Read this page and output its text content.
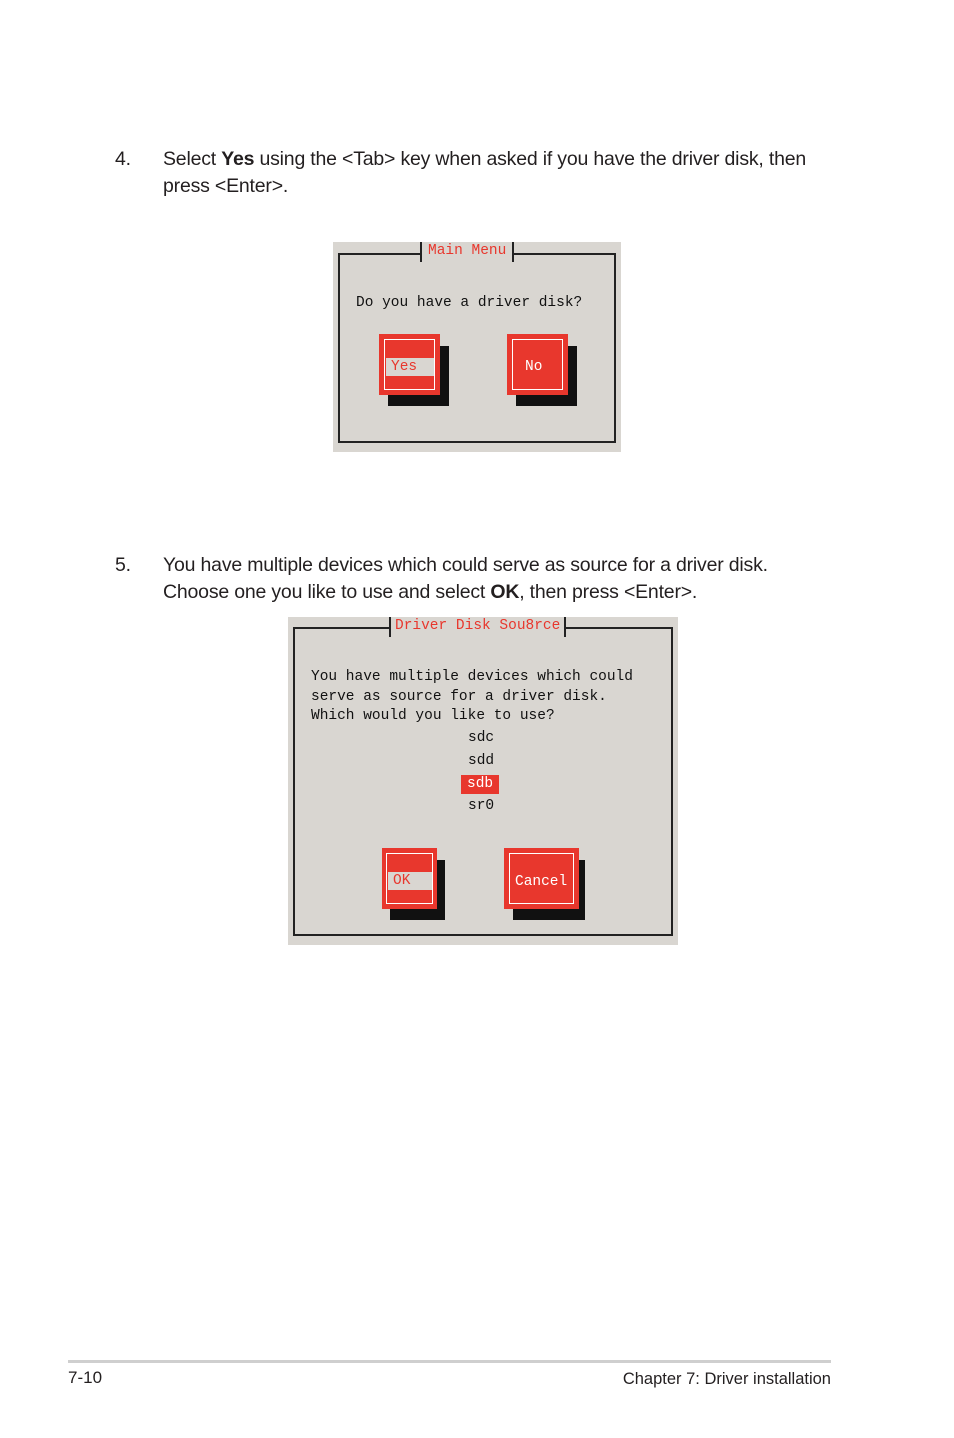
4. Select Yes using the <Tab> key when asked if you have the driver disk, then
press <Enter>.
Main Menu
Do you have a driver disk?
Yes	No
5. You have multiple devices which could serve as source for a driver disk.
Choose one you like to use and select OK, then press <Enter>.
Driver Disk Sou8rce
You have multiple devices which could
serve as source for a driver disk.
Which would you like to use?
sdc
sdd
sdb
sr0
OK	Cancel
7-10	Chapter 7: Driver installation
